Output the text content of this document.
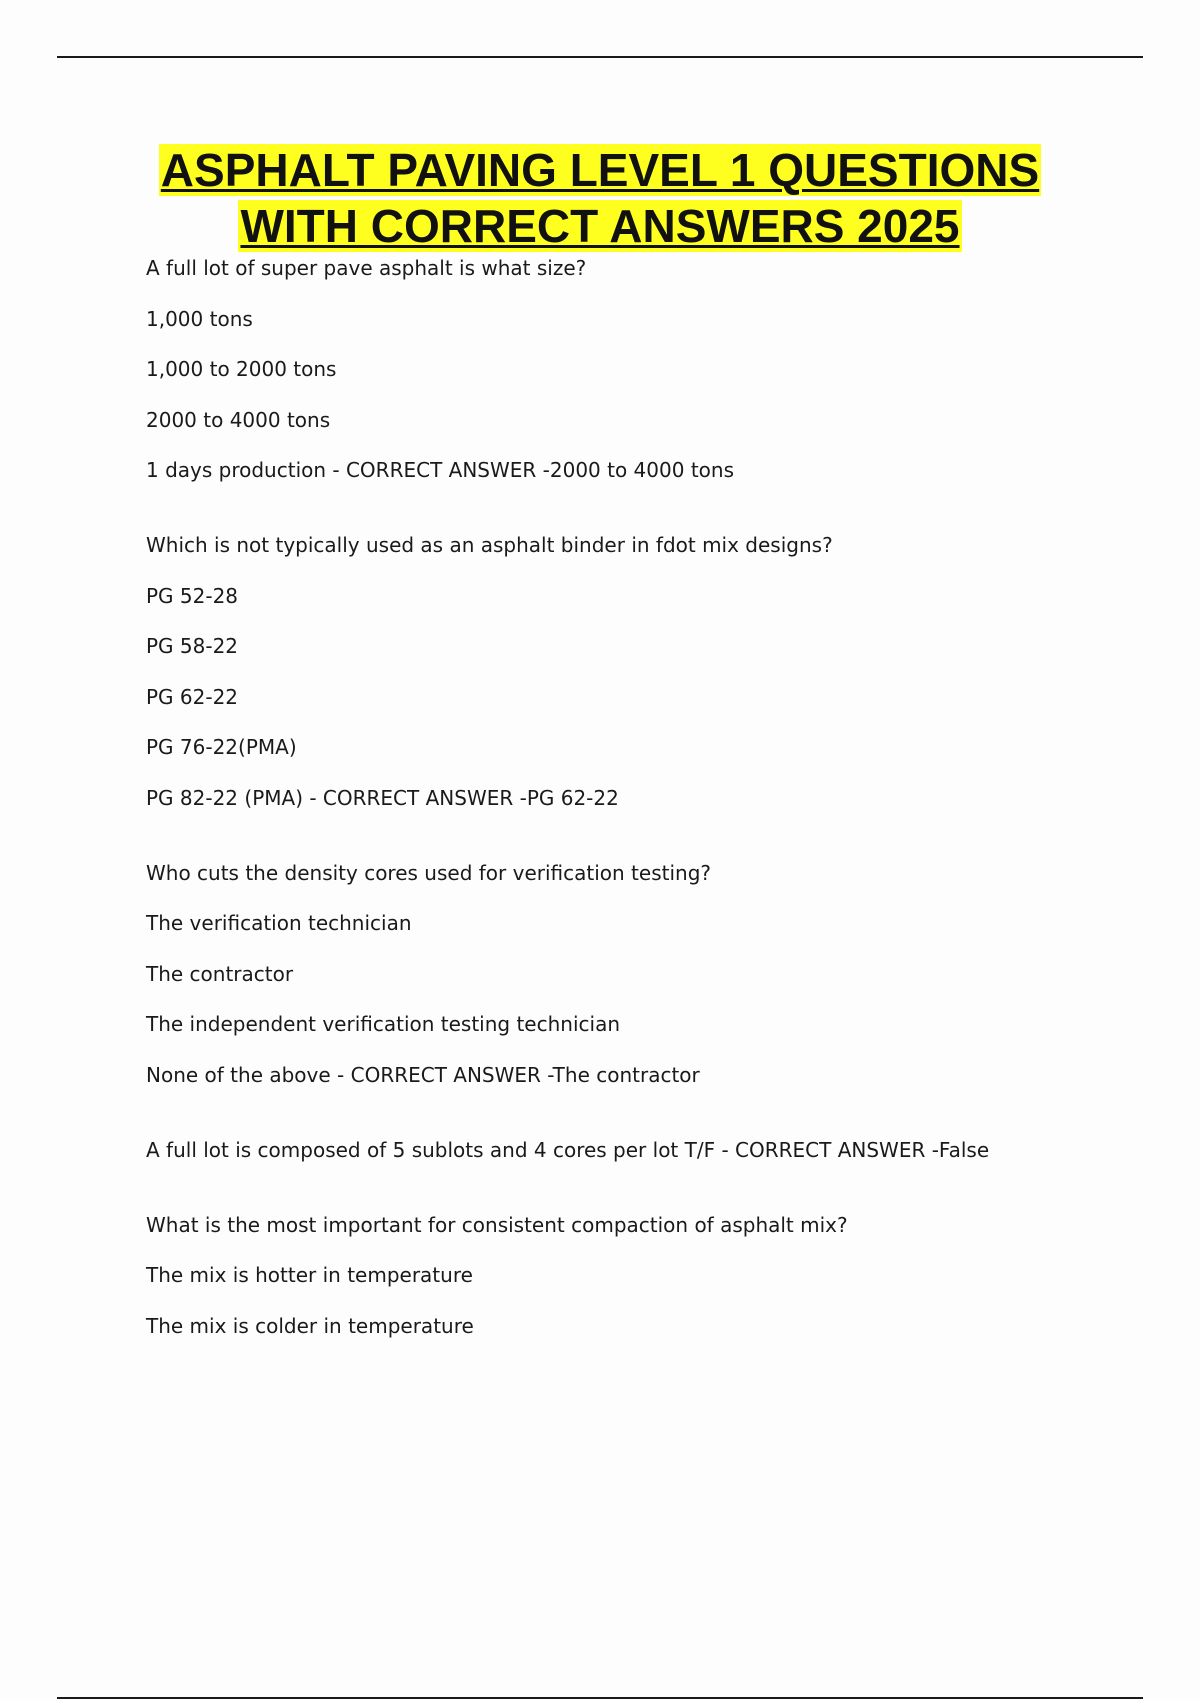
ASPHALT PAVING LEVEL 1 QUESTIONS
WITH CORRECT ANSWERS 2025
A full lot of super pave asphalt is what size?
1,000 tons
1,000 to 2000 tons
2000 to 4000 tons
1 days production - CORRECT ANSWER -2000 to 4000 tons
Which is not typically used as an asphalt binder in fdot mix designs?
PG 52-28
PG 58-22
PG 62-22
PG 76-22(PMA)
PG 82-22 (PMA) - CORRECT ANSWER -PG 62-22
Who cuts the density cores used for verification testing?
The verification technician
The contractor
The independent verification testing technician
None of the above - CORRECT ANSWER -The contractor
A full lot is composed of 5 sublots and 4 cores per lot T/F - CORRECT ANSWER -False
What is the most important for consistent compaction of asphalt mix?
The mix is hotter in temperature
The mix is colder in temperature
